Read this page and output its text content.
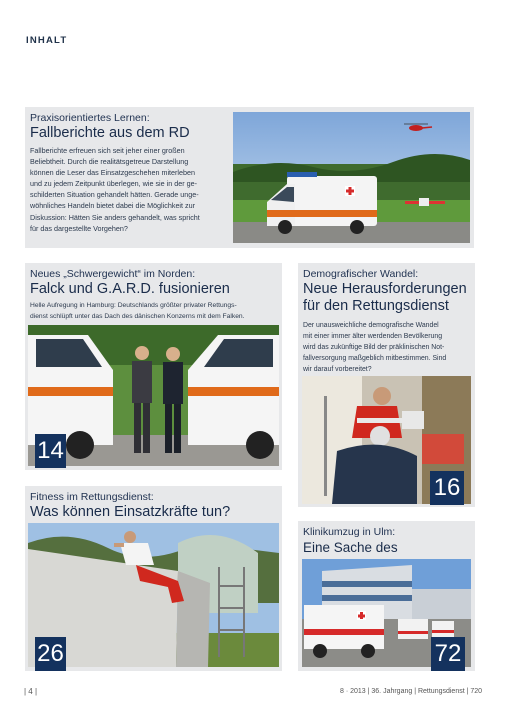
INHALT
Praxisorientiertes Lernen:
Fallberichte aus dem RD
Fallberichte erfreuen sich seit jeher einer großen
Beliebtheit. Durch die realitätsgetreue Darstellung
können die Leser das Einsatzgeschehen miterleben
und zu jedem Zeitpunkt überlegen, wie sie in der ge-
schilderten Situation gehandelt hätten. Gerade unge-
wöhnliches Handeln bietet dabei die Möglichkeit zur
Diskussion: Hätten Sie anders gehandelt, was spricht
für das dargestellte Vorgehen?
Neues „Schwergewicht“ im Norden:
Falck und G.A.R.D. fusionieren
Helle Aufregung in Hamburg: Deutschlands größter privater Rettungs-
dienst schlüpft unter das Dach des dänischen Konzerns mit dem Falken.
14
Demografischer Wandel:
Neue Herausforderungen
für den Rettungsdienst
Der unausweichliche demografische Wandel
mit einer immer älter werdenden Bevölkerung
wird das zukünftige Bild der präklinischen Not-
fallversorgung maßgeblich mitbestimmen. Sind
wir darauf vorbereitet?
16
Fitness im Rettungsdienst:
Was können Einsatzkräfte tun?
26
Klinikumzug in Ulm:
Eine Sache des
72
| 4 |	8 · 2013 | 36. Jahrgang | Rettungsdienst | 720
